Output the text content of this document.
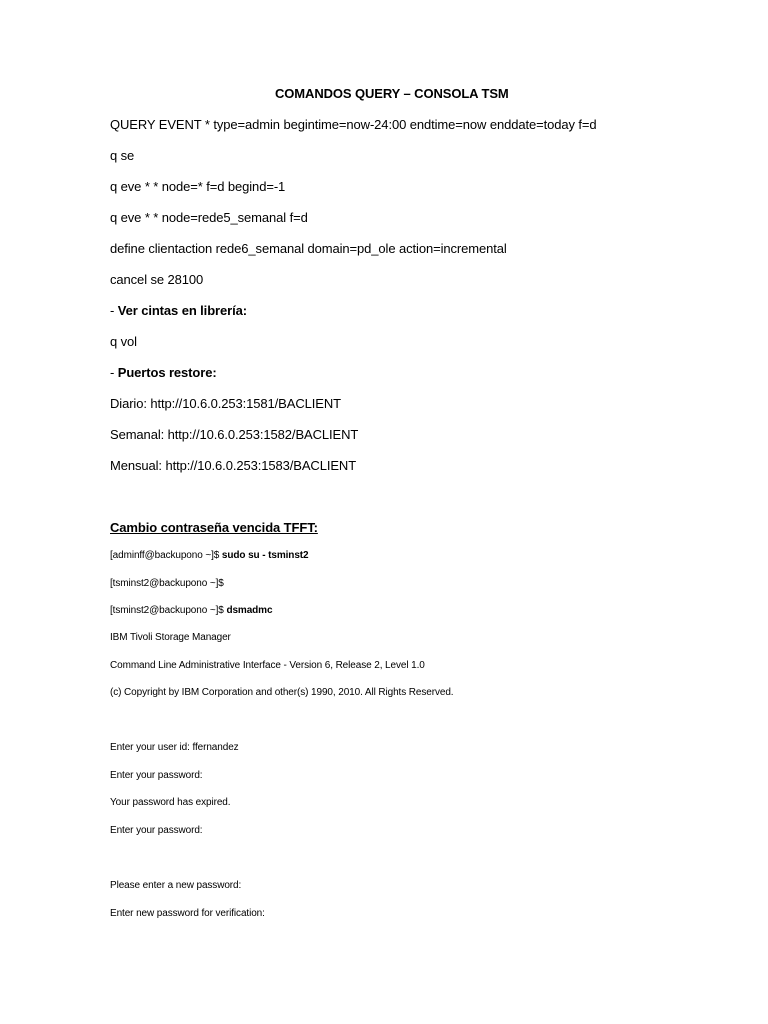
COMANDOS QUERY – CONSOLA TSM
QUERY EVENT * type=admin begintime=now-24:00 endtime=now enddate=today f=d
q se
q eve * * node=* f=d begind=-1
q eve * * node=rede5_semanal f=d
define clientaction rede6_semanal domain=pd_ole action=incremental
cancel se 28100
- Ver cintas en librería:
q vol
- Puertos restore:
Diario: http://10.6.0.253:1581/BACLIENT
Semanal: http://10.6.0.253:1582/BACLIENT
Mensual: http://10.6.0.253:1583/BACLIENT
Cambio contraseña vencida TFFT:
[adminff@backupono ~]$ sudo su - tsminst2
[tsminst2@backupono ~]$
[tsminst2@backupono ~]$ dsmadmc
IBM Tivoli Storage Manager
Command Line Administrative Interface - Version 6, Release 2, Level 1.0
(c) Copyright by IBM Corporation and other(s) 1990, 2010. All Rights Reserved.
Enter your user id: ffernandez
Enter your password:
Your password has expired.
Enter your password:
Please enter a new password:
Enter new password for verification:
